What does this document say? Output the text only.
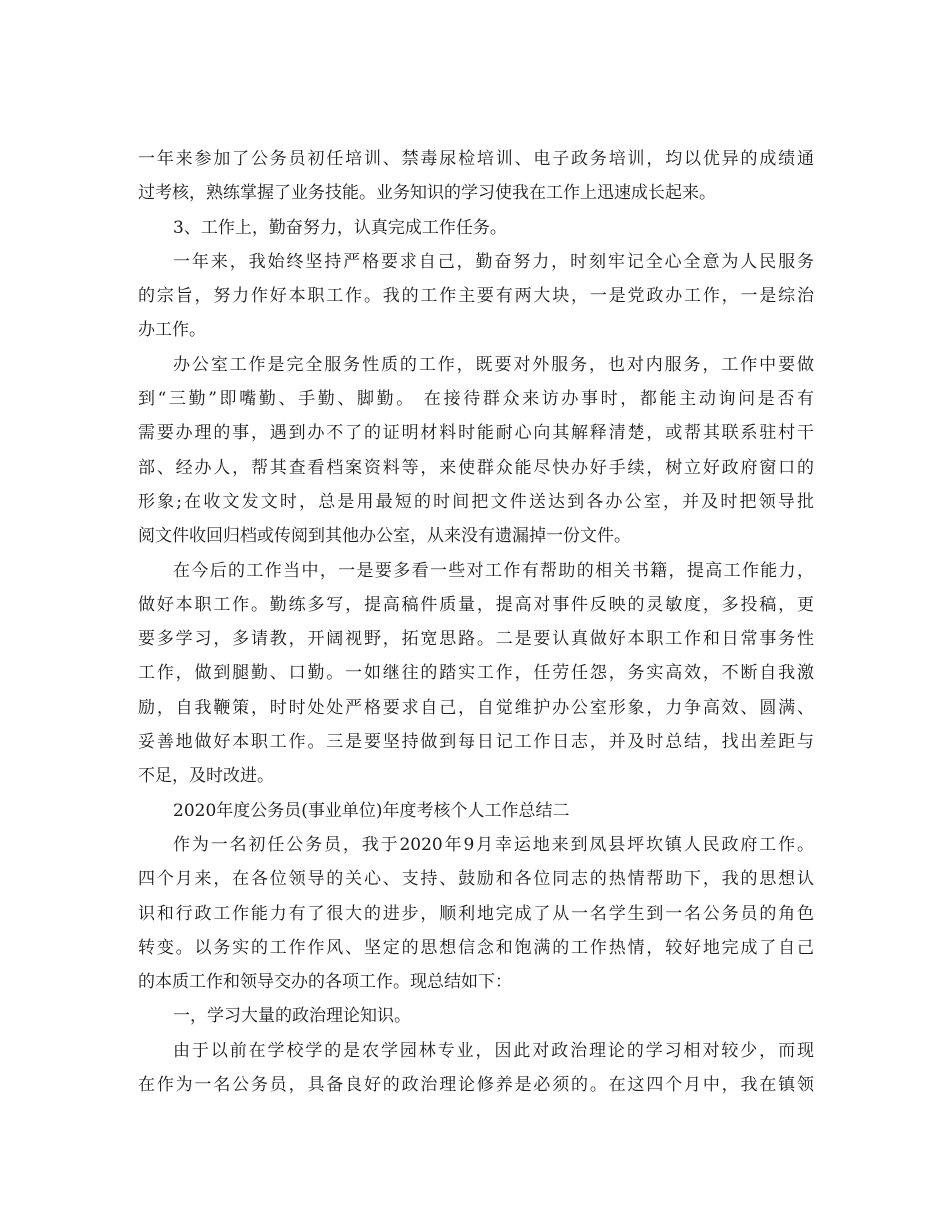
一年来参加了公务员初任培训、禁毒尿检培训、电子政务培训，均以优异的成绩通
过考核，熟练掌握了业务技能。业务知识的学习使我在工作上迅速成长起来。
3、工作上，勤奋努力，认真完成工作任务。
一年来，我始终坚持严格要求自己，勤奋努力，时刻牢记全心全意为人民服务
的宗旨，努力作好本职工作。我的工作主要有两大块，一是党政办工作，一是综治
办工作。
办公室工作是完全服务性质的工作，既要对外服务，也对内服务，工作中要做
到“三勤”即嘴勤、手勤、脚勤。 在接待群众来访办事时，都能主动询问是否有
需要办理的事，遇到办不了的证明材料时能耐心向其解释清楚，或帮其联系驻村干
部、经办人，帮其查看档案资料等，来使群众能尽快办好手续，树立好政府窗口的
形象;在收文发文时，总是用最短的时间把文件送达到各办公室，并及时把领导批
阅文件收回归档或传阅到其他办公室，从来没有遗漏掉一份文件。
在今后的工作当中，一是要多看一些对工作有帮助的相关书籍，提高工作能力，
做好本职工作。勤练多写，提高稿件质量，提高对事件反映的灵敏度，多投稿，更
要多学习，多请教，开阔视野，拓宽思路。二是要认真做好本职工作和日常事务性
工作，做到腿勤、口勤。一如继往的踏实工作，任劳任怨，务实高效，不断自我激
励，自我鞭策，时时处处严格要求自己，自觉维护办公室形象，力争高效、圆满、
妥善地做好本职工作。三是要坚持做到每日记工作日志，并及时总结，找出差距与
不足，及时改进。
2020年度公务员(事业单位)年度考核个人工作总结二
作为一名初任公务员，我于2020年9月幸运地来到凤县坪坎镇人民政府工作。
四个月来，在各位领导的关心、支持、鼓励和各位同志的热情帮助下，我的思想认
识和行政工作能力有了很大的进步，顺利地完成了从一名学生到一名公务员的角色
转变。以务实的工作作风、坚定的思想信念和饱满的工作热情，较好地完成了自己
的本质工作和领导交办的各项工作。现总结如下：
一，学习大量的政治理论知识。
由于以前在学校学的是农学园林专业，因此对政治理论的学习相对较少，而现
在作为一名公务员，具备良好的政治理论修养是必须的。在这四个月中，我在镇领
